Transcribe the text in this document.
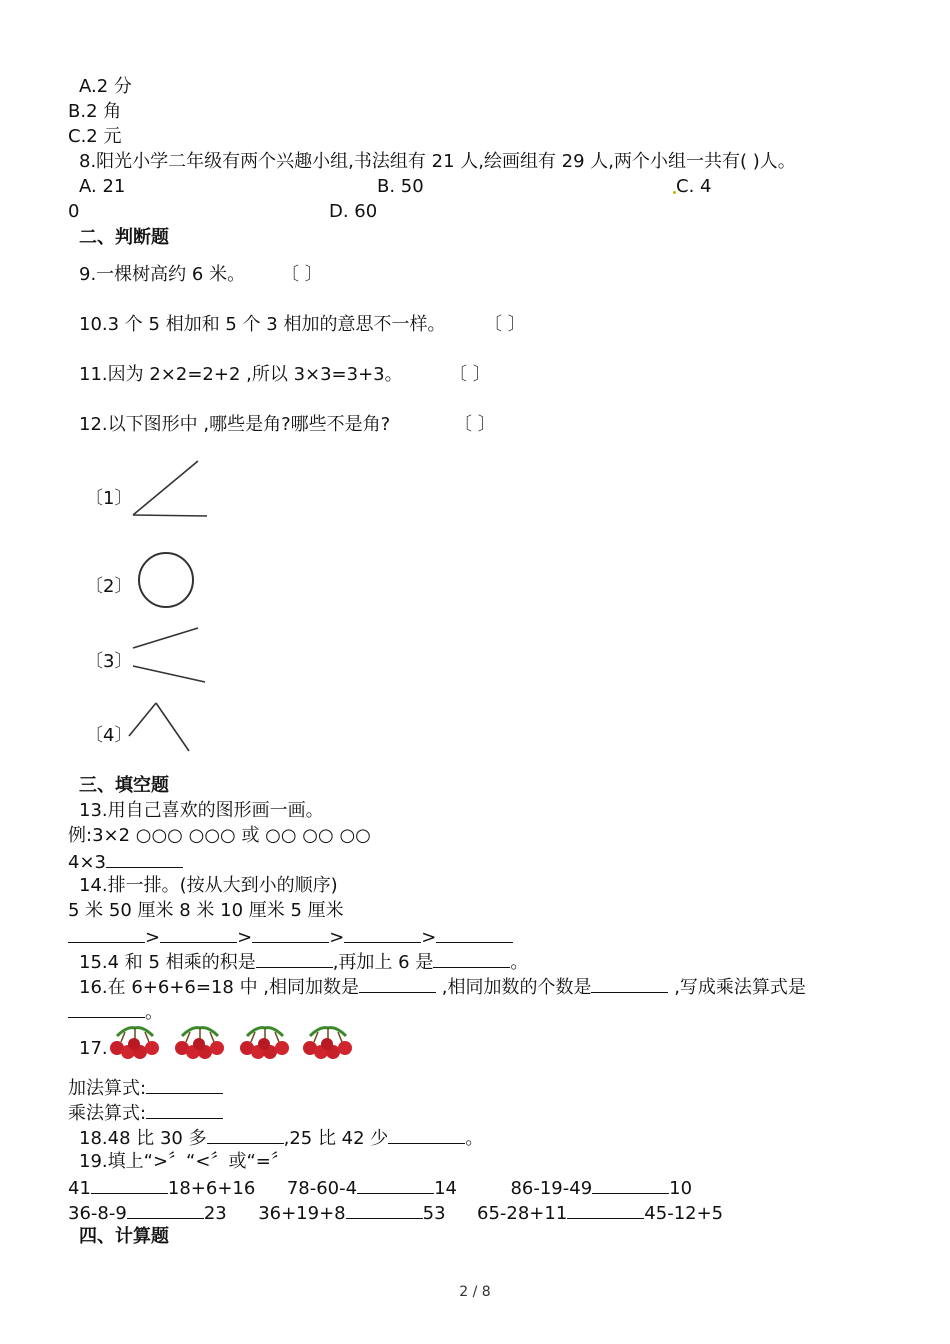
A.2 分
B.2 角
C.2 元
8.阳光小学二年级有两个兴趣小组,书法组有 21 人,绘画组有 29 人,两个小组一共有( )人。
A. 21	B. 50	C. 4
0	D. 60
二、判断题
9.一棵树高约 6 米。 〔 〕
10.3 个 5 相加和 5 个 3 相加的意思不一样。 〔 〕
11.因为 2×2=2+2 ,所以 3×3=3+3。	〔 〕
12.以下图形中 ,哪些是角?哪些不是角?	〔 〕
〔1〕
〔2〕
〔3〕
〔4〕
三、填空题
13.用自己喜欢的图形画一画。
例:3×2 ○○○ ○○○ 或 ○○ ○○ ○○
4×3
14.排一排。(按从大到小的顺序)
5 米 50 厘米 8 米 10 厘米 5 厘米
>	>	>	>
15.4 和 5 相乘的积是	,再加上 6 是	。
16.在 6+6+6=18 中 ,相同加数是	,相同加数的个数是	,写成乘法算式是
。
17.
加法算式:
乘法算式:
18.48 比 30 多	,25 比 42 少	。
19.填上“>〞“<〞或“=〞
41	18+6+16 78-60-4	14	86-19-49	10
36-8-9	23 36+19+8	53 65-28+11	45-12+5
四、计算题
2 / 8
